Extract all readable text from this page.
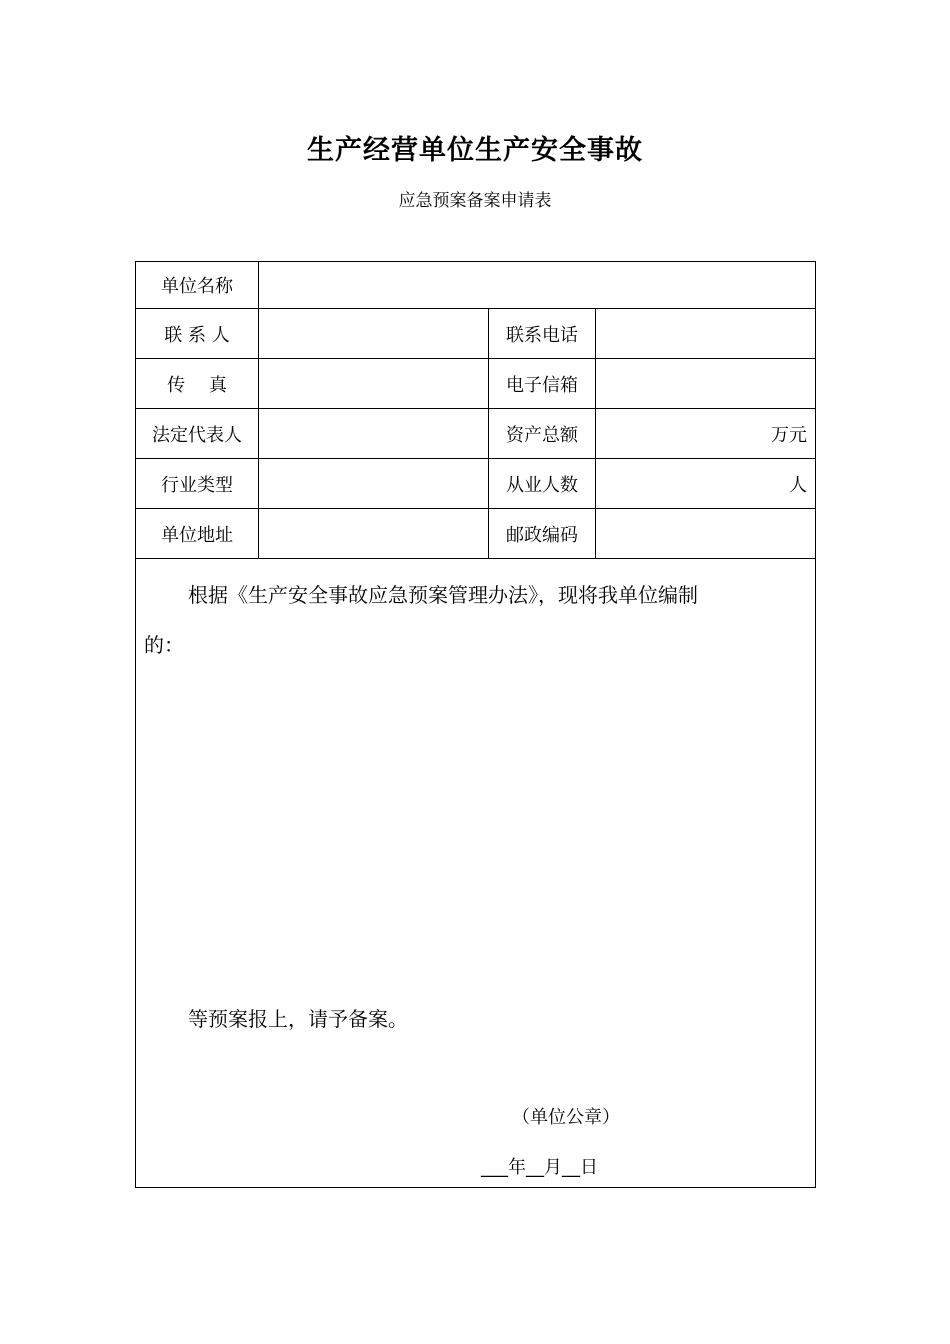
生产经营单位生产安全事故
应急预案备案申请表
单位名称			
联 系 人		联系电话	
传　 真		电子信箱	
法定代表人		资产总额	万元
行业类型		从业人数	人
单位地址		邮政编码	

根据《生产安全事故应急预案管理办法》，现将我单位编制
的：
等预案报上，请予备案。
（单位公章）
___年__月__日			
